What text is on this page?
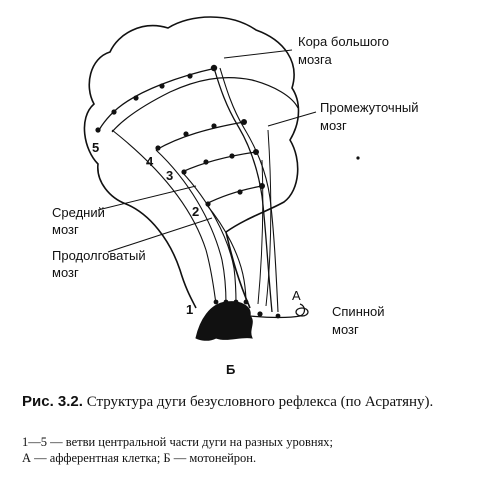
Кора большого
мозга
Промежуточный
мозг
Средний
мозг
Продолговатый
мозг
Спинной
мозг
5
4
3
2
1
А
Б
Рис. 3.2. Структура дуги безусловного рефлекса (по Асратяну).
1—5 — ветви центральной части дуги на разных уровнях;
А — афферентная клетка; Б — мотонейрон.
